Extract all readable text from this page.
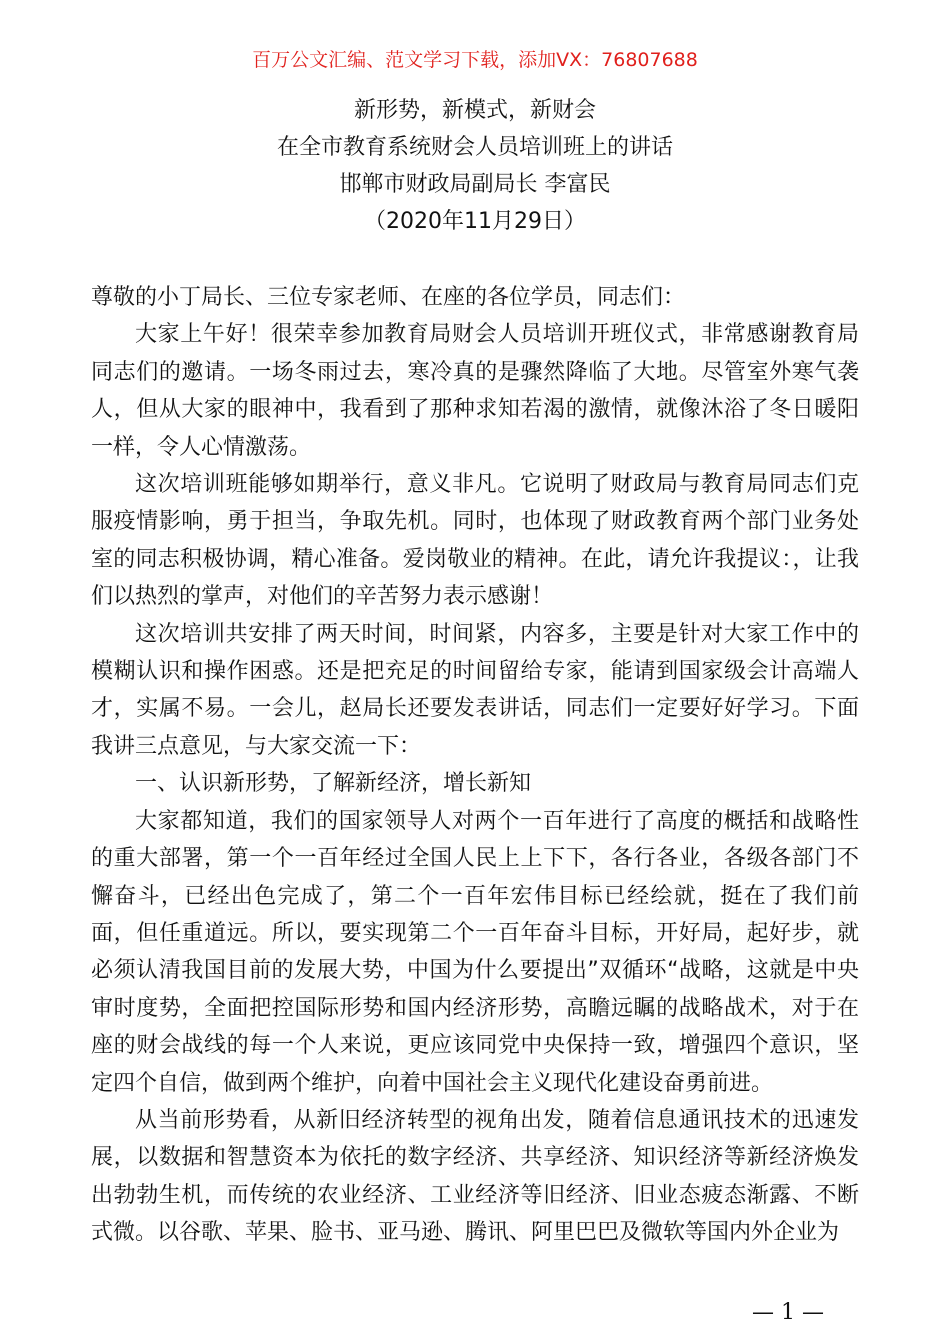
百万公文汇编、范文学习下载，添加VX：76807688
新形势，新模式，新财会
在全市教育系统财会人员培训班上的讲话
邯郸市财政局副局长 李富民
（2020年11月29日）

尊敬的小丁局长、三位专家老师、在座的各位学员，同志们：

大家上午好！很荣幸参加教育局财会人员培训开班仪式，非常感谢教育局同志们的邀请。一场冬雨过去，寒冷真的是骤然降临了大地。尽管室外寒气袭人，但从大家的眼神中，我看到了那种求知若渴的激情，就像沐浴了冬日暖阳一样，令人心情激荡。

这次培训班能够如期举行，意义非凡。它说明了财政局与教育局同志们克服疫情影响，勇于担当，争取先机。同时，也体现了财政教育两个部门业务处室的同志积极协调，精心准备。爱岗敬业的精神。在此，请允许我提议：，让我们以热烈的掌声，对他们的辛苦努力表示感谢！

这次培训共安排了两天时间，时间紧，内容多，主要是针对大家工作中的模糊认识和操作困惑。还是把充足的时间留给专家，能请到国家级会计高端人才，实属不易。一会儿，赵局长还要发表讲话，同志们一定要好好学习。下面我讲三点意见，与大家交流一下：

一、认识新形势，了解新经济，增长新知

大家都知道，我们的国家领导人对两个一百年进行了高度的概括和战略性的重大部署，第一个一百年经过全国人民上上下下，各行各业，各级各部门不懈奋斗，已经出色完成了，第二个一百年宏伟目标已经绘就，挺在了我们前面，但任重道远。所以，要实现第二个一百年奋斗目标，开好局，起好步，就必须认清我国目前的发展大势，中国为什么要提出”双循环“战略，这就是中央审时度势，全面把控国际形势和国内经济形势，高瞻远瞩的战略战术，对于在座的财会战线的每一个人来说，更应该同党中央保持一致，增强四个意识，坚定四个自信，做到两个维护，向着中国社会主义现代化建设奋勇前进。

从当前形势看，从新旧经济转型的视角出发，随着信息通讯技术的迅速发展，以数据和智慧资本为依托的数字经济、共享经济、知识经济等新经济焕发出勃勃生机，而传统的农业经济、工业经济等旧经济、旧业态疲态渐露、不断式微。以谷歌、苹果、脸书、亚马逊、腾讯、阿里巴巴及微软等国内外企业为

— 1 —
